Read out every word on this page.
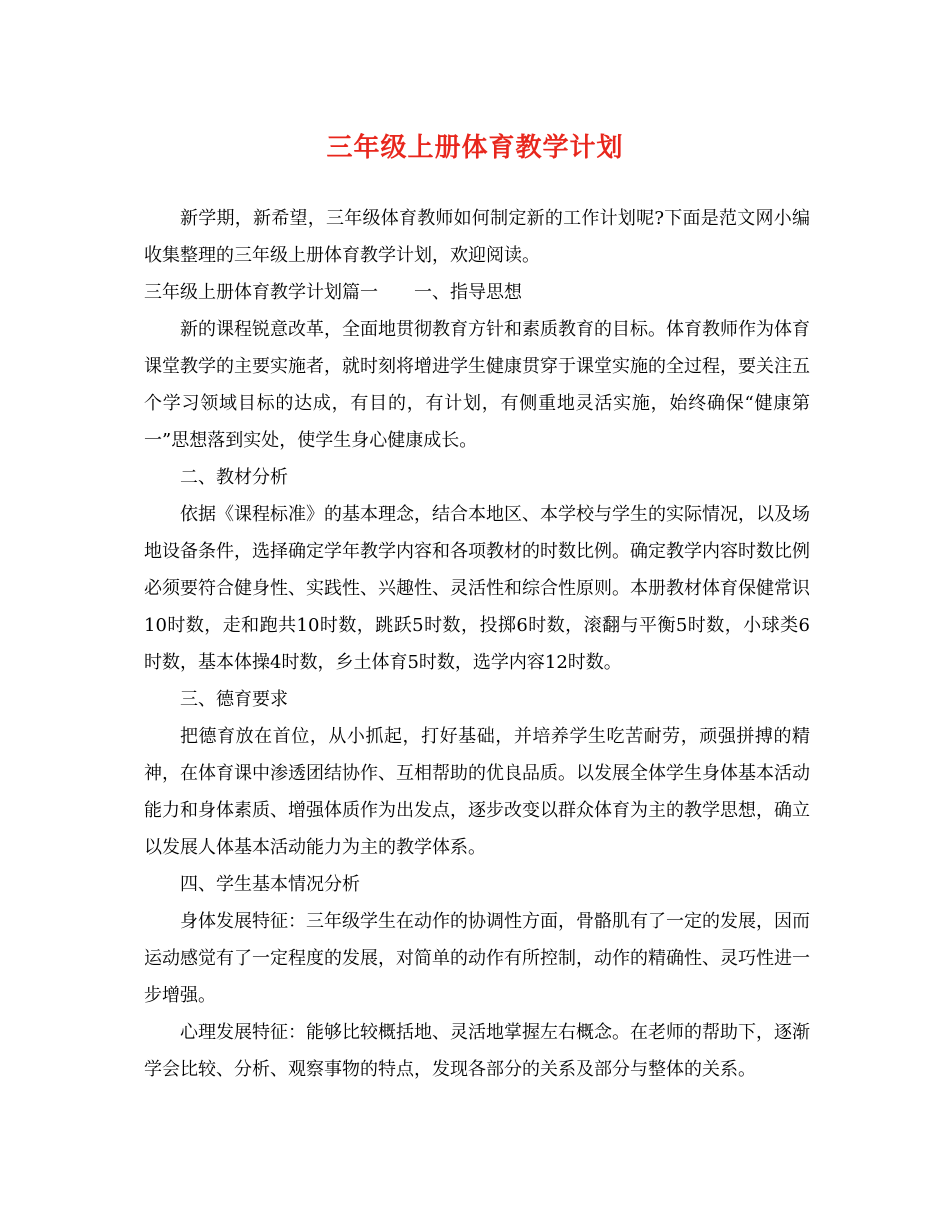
三年级上册体育教学计划

新学期，新希望，三年级体育教师如何制定新的工作计划呢?下面是范文网小编收集整理的三年级上册体育教学计划，欢迎阅读。

三年级上册体育教学计划篇一 一、指导思想

新的课程锐意改革，全面地贯彻教育方针和素质教育的目标。体育教师作为体育课堂教学的主要实施者，就时刻将增进学生健康贯穿于课堂实施的全过程，要关注五个学习领域目标的达成，有目的，有计划，有侧重地灵活实施，始终确保“健康第一”思想落到实处，使学生身心健康成长。

二、教材分析

依据《课程标准》的基本理念，结合本地区、本学校与学生的实际情况，以及场地设备条件，选择确定学年教学内容和各项教材的时数比例。确定教学内容时数比例必须要符合健身性、实践性、兴趣性、灵活性和综合性原则。本册教材体育保健常识10时数，走和跑共10时数，跳跃5时数，投掷6时数，滚翻与平衡5时数，小球类6时数，基本体操4时数，乡土体育5时数，选学内容12时数。

三、德育要求

把德育放在首位，从小抓起，打好基础，并培养学生吃苦耐劳，顽强拼搏的精神，在体育课中渗透团结协作、互相帮助的优良品质。以发展全体学生身体基本活动能力和身体素质、增强体质作为出发点，逐步改变以群众体育为主的教学思想，确立以发展人体基本活动能力为主的教学体系。

四、学生基本情况分析

身体发展特征：三年级学生在动作的协调性方面，骨骼肌有了一定的发展，因而运动感觉有了一定程度的发展，对简单的动作有所控制，动作的精确性、灵巧性进一步增强。

心理发展特征：能够比较概括地、灵活地掌握左右概念。在老师的帮助下，逐渐学会比较、分析、观察事物的特点，发现各部分的关系及部分与整体的关系。
